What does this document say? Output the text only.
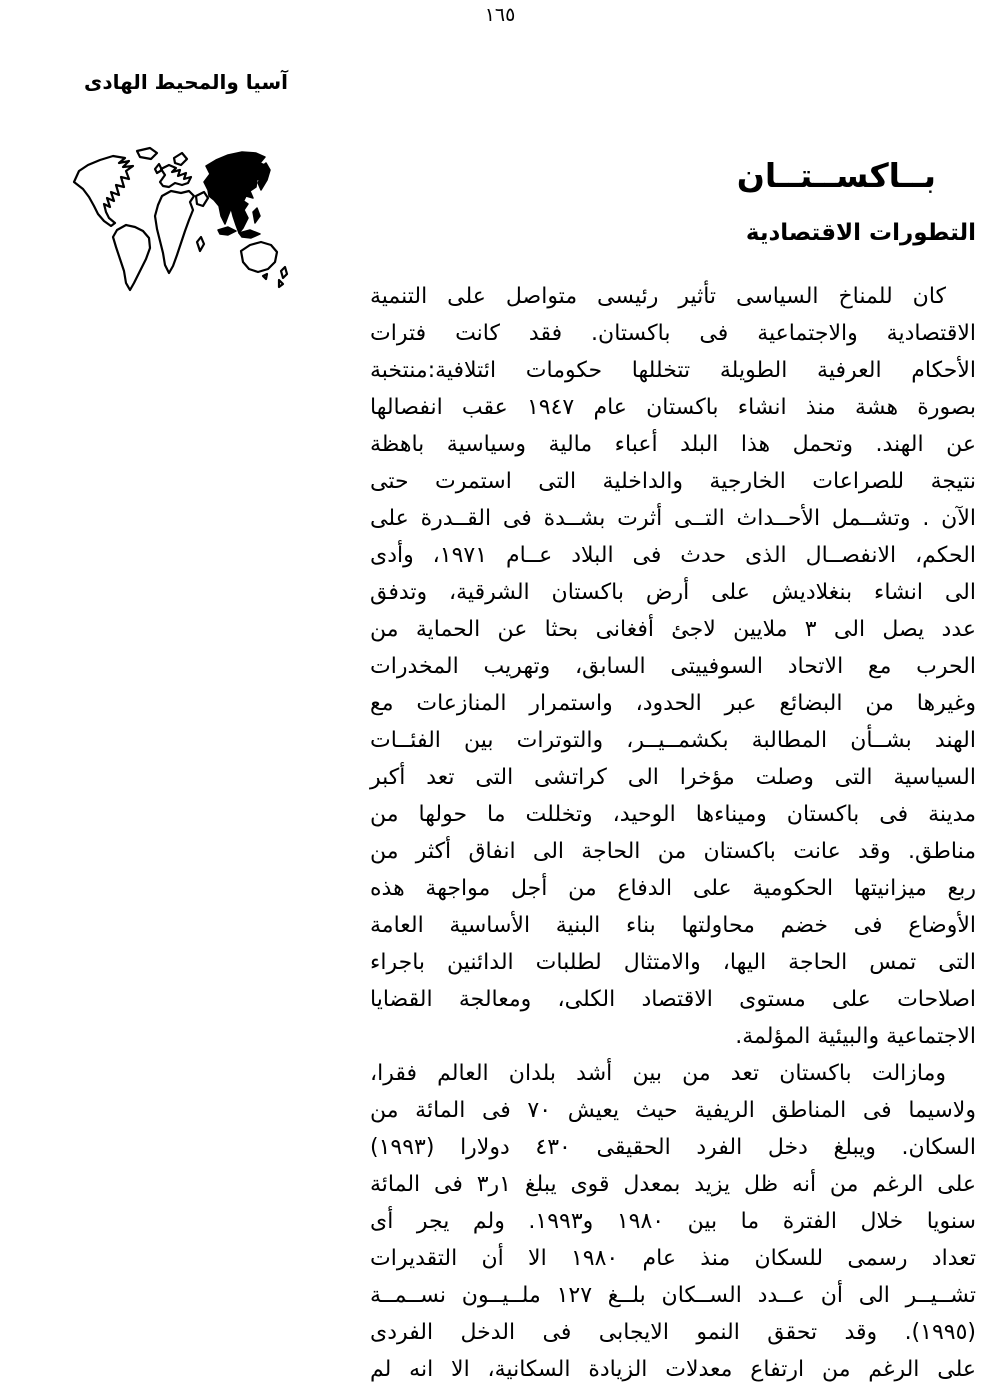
١٦٥
آسيا والمحيط الهادى
بــاكســتــان
التطورات الاقتصادية
كان للمناخ السياسى تأثير رئيسى متواصل على التنمية
الاقتصادية والاجتماعية فى باكستان. فقد كانت فترات
الأحكام العرفية الطويلة تتخللها حكومات ائتلافية:منتخبة
بصورة هشة منذ انشاء باكستان عام ١٩٤٧ عقب انفصالها
عن الهند. وتحمل هذا البلد أعباء مالية وسياسية باهظة
نتيجة للصراعات الخارجية والداخلية التى استمرت حتى
الآن . وتشــمل الأحــداث التــى أثرت بشــدة فى القــدرة على
الحكم، الانفصــال الذى حدث فى البلاد عــام ١٩٧١، وأدى
الى انشاء بنغلاديش على أرض باكستان الشرقية، وتدفق
عدد يصل الى ٣ ملايين لاجئ أفغانى بحثا عن الحماية من
الحرب مع الاتحاد السوفييتى السابق، وتهريب المخدرات
وغيرها من البضائع عبر الحدود، واستمرار المنازعات مع
الهند بشــأن المطالبة بكشمــيــر، والتوترات بين الفئــات
السياسية التى وصلت مؤخرا الى كراتشى التى تعد أكبر
مدينة فى باكستان وميناءها الوحيد، وتخللت ما حولها من
مناطق. وقد عانت باكستان من الحاجة الى انفاق أكثر من
ربع ميزانيتها الحكومية على الدفاع من أجل مواجهة هذه
الأوضاع فى خضم محاولتها بناء البنية الأساسية العامة
التى تمس الحاجة اليها، والامتثال لطلبات الدائنين باجراء
اصلاحات على مستوى الاقتصاد الكلى، ومعالجة القضايا
الاجتماعية والبيئية المؤلمة.
ومازالت باكستان تعد من بين أشد بلدان العالم فقرا،
ولاسيما فى المناطق الريفية حيث يعيش ٧٠ فى المائة من
السكان. ويبلغ دخل الفرد الحقيقى ٤٣٠ دولارا (١٩٩٣)
على الرغم من أنه ظل يزيد بمعدل قوى يبلغ ١ر٣ فى المائة
سنويا خلال الفترة ما بين ١٩٨٠ و١٩٩٣. ولم يجر أى
تعداد رسمى للسكان منذ عام ١٩٨٠ الا أن التقديرات
تشــيــر الى أن عــدد الســكان بلــغ ١٢٧ ملــيــون نســمــة
(١٩٩٥). وقد تحقق النمو الايجابى فى الدخل الفردى
على الرغم من ارتفاع معدلات الزيادة السكانية، الا انه لم
